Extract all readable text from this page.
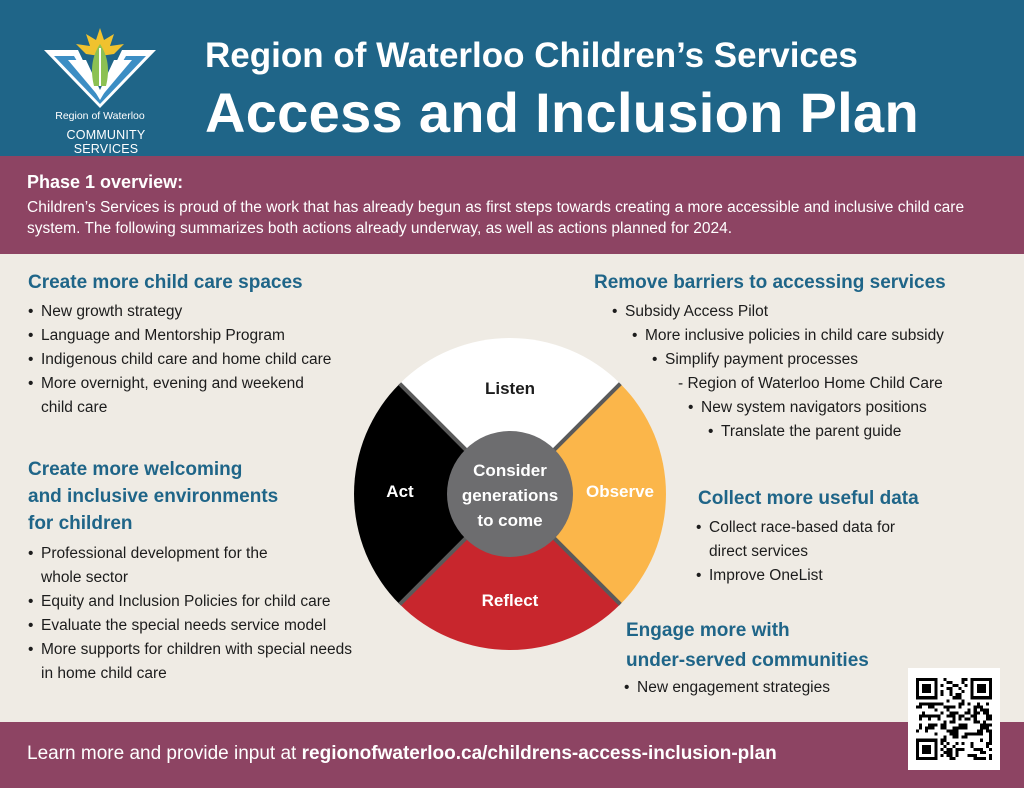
Region of Waterloo
COMMUNITY SERVICES
Region of Waterloo Children’s Services
Access and Inclusion Plan
Phase 1 overview:
Children’s Services is proud of the work that has already begun as first steps towards creating a more accessible and inclusive child care system. The following summarizes both actions already underway, as well as actions planned for 2024.
Create more child care spaces
• New growth strategy
• Language and Mentorship Program
• Indigenous child care and home child care
• More overnight, evening and weekend
child care
Create more welcoming
and inclusive environments
for children
• Professional development for the
whole sector
• Equity and Inclusion Policies for child care
• Evaluate the special needs service model
• More supports for children with special needs
in home child care
Remove barriers to accessing services
• Subsidy Access Pilot
• More inclusive policies in child care subsidy
• Simplify payment processes
- Region of Waterloo Home Child Care
• New system navigators positions
• Translate the parent guide
Collect more useful data
• Collect race-based data for
direct services
• Improve OneList
Engage more with
under-served communities
• New engagement strategies
Listen
Observe
Reflect
Act
Consider
generations
to come
Learn more and provide input at regionofwaterloo.ca/childrens-access-inclusion-plan
